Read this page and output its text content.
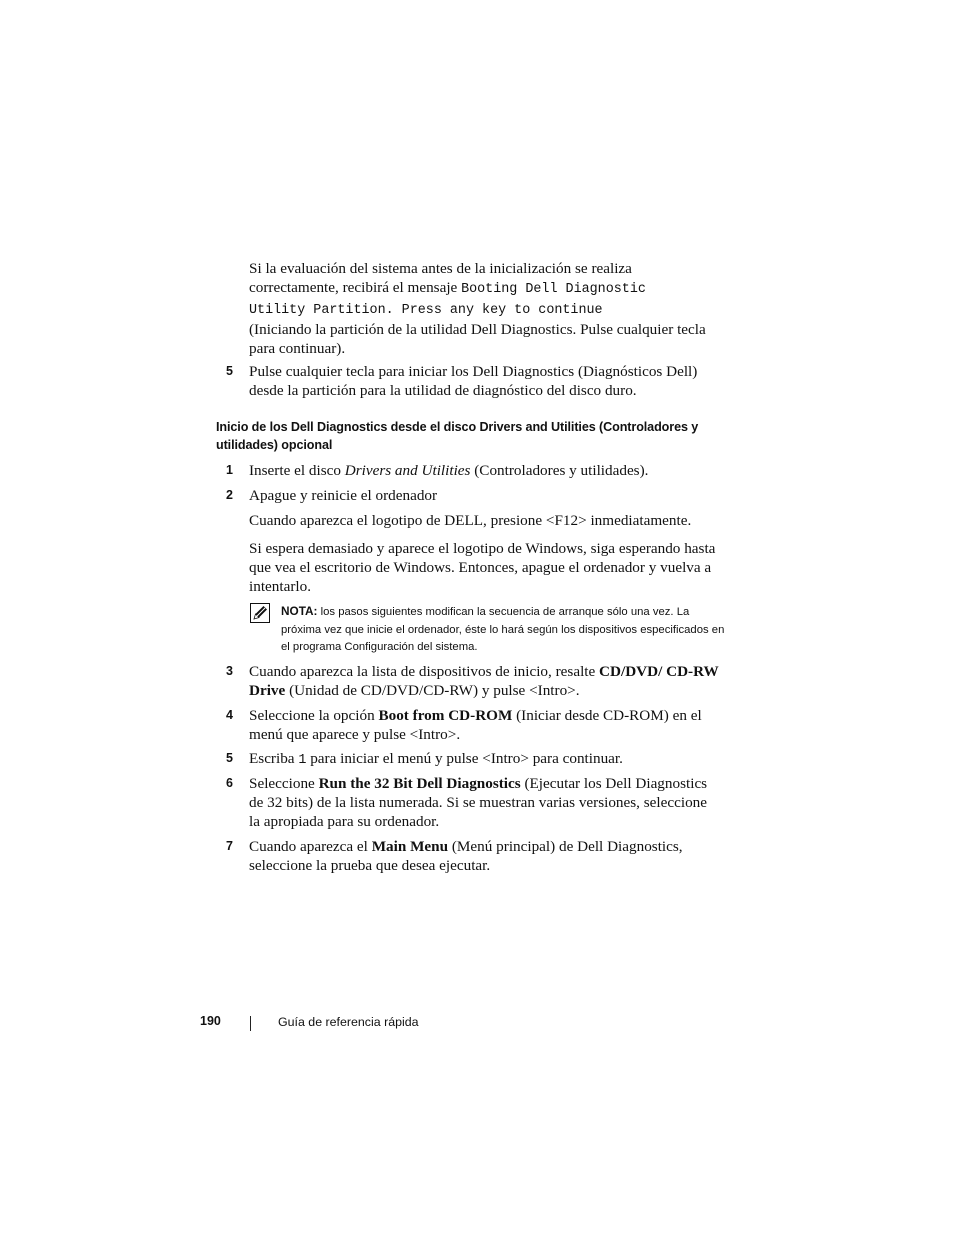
Si la evaluación del sistema antes de la inicialización se realiza correctamente, recibirá el mensaje Booting Dell Diagnostic
Utility Partition. Press any key to continue
(Iniciando la partición de la utilidad Dell Diagnostics. Pulse cualquier tecla para continuar).
5	Pulse cualquier tecla para iniciar los Dell Diagnostics (Diagnósticos Dell) desde la partición para la utilidad de diagnóstico del disco duro.
Inicio de los Dell Diagnostics desde el disco Drivers and Utilities (Controladores y utilidades) opcional
1	Inserte el disco Drivers and Utilities (Controladores y utilidades).
2	Apague y reinicie el ordenador
Cuando aparezca el logotipo de DELL, presione <F12> inmediatamente.
Si espera demasiado y aparece el logotipo de Windows, siga esperando hasta que vea el escritorio de Windows. Entonces, apague el ordenador y vuelva a intentarlo.
NOTA: los pasos siguientes modifican la secuencia de arranque sólo una vez. La próxima vez que inicie el ordenador, éste lo hará según los dispositivos especificados en el programa Configuración del sistema.
3	Cuando aparezca la lista de dispositivos de inicio, resalte CD/DVD/ CD-RW Drive (Unidad de CD/DVD/CD-RW) y pulse <Intro>.
4	Seleccione la opción Boot from CD-ROM (Iniciar desde CD-ROM) en el menú que aparece y pulse <Intro>.
5	Escriba 1 para iniciar el menú y pulse <Intro> para continuar.
6	Seleccione Run the 32 Bit Dell Diagnostics (Ejecutar los Dell Diagnostics de 32 bits) de la lista numerada. Si se muestran varias versiones, seleccione la apropiada para su ordenador.
7	Cuando aparezca el Main Menu (Menú principal) de Dell Diagnostics, seleccione la prueba que desea ejecutar.
190	Guía de referencia rápida
